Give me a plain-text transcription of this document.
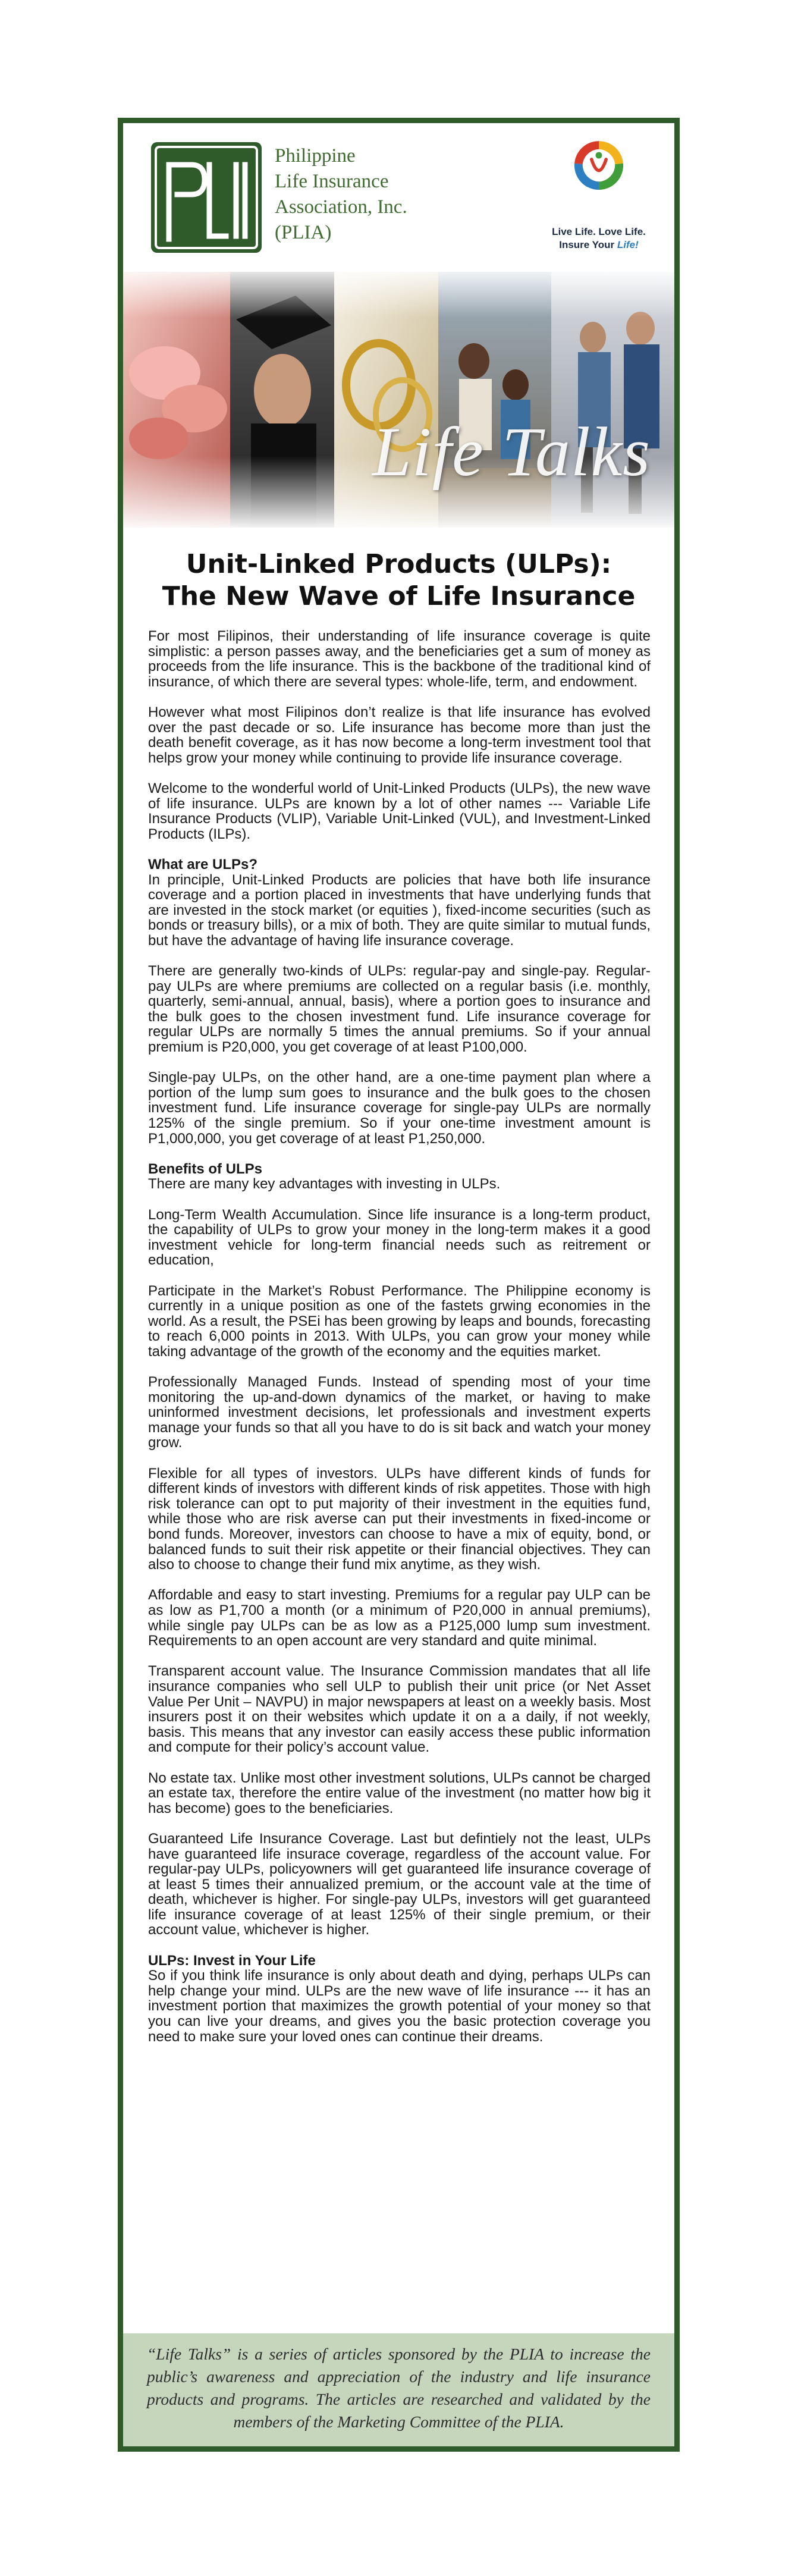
Philippine
Life Insurance
Association, Inc.
(PLIA)	Live Life. Love Life.
Insure Your Life!
Life Talks
Unit-Linked Products (ULPs):
The New Wave of Life Insurance

For most Filipinos, their understanding of life insurance coverage is quite simplistic: a person passes away, and the beneficiaries get a sum of money as proceeds from the life insurance. This is the backbone of the traditional kind of insurance, of which there are several types: whole-life, term, and endowment.

However what most Filipinos don’t realize is that life insurance has evolved over the past decade or so. Life insurance has become more than just the death benefit coverage, as it has now become a long-term investment tool that helps grow your money while continuing to provide life insurance coverage.

Welcome to the wonderful world of Unit-Linked Products (ULPs), the new wave of life insurance. ULPs are known by a lot of other names --- Variable Life Insurance Products (VLIP), Variable Unit-Linked (VUL), and Investment-Linked Products (ILPs).

What are ULPs?

In principle, Unit-Linked Products are policies that have both life insurance coverage and a portion placed in investments that have underlying funds that are invested in the stock market (or equities ), fixed-income securities (such as bonds or treasury bills), or a mix of both. They are quite similar to mutual funds, but have the advantage of having life insurance coverage.

There are generally two-kinds of ULPs: regular-pay and single-pay. Regular-pay ULPs are where premiums are collected on a regular basis (i.e. monthly, quarterly, semi-annual, annual, basis), where a portion goes to insurance and the bulk goes to the chosen investment fund. Life insurance coverage for regular ULPs are normally 5 times the annual premiums. So if your annual premium is P20,000, you get coverage of at least P100,000.

Single-pay ULPs, on the other hand, are a one-time payment plan where a portion of the lump sum goes to insurance and the bulk goes to the chosen investment fund. Life insurance coverage for single-pay ULPs are normally 125% of the single premium. So if your one-time investment amount is P1,000,000, you get coverage of at least P1,250,000.

Benefits of ULPs

There are many key advantages with investing in ULPs.

Long-Term Wealth Accumulation. Since life insurance is a long-term product, the capability of ULPs to grow your money in the long-term makes it a good investment vehicle for long-term financial needs such as reitrement or education,

Participate in the Market’s Robust Performance. The Philippine economy is currently in a unique position as one of the fastets grwing economies in the world. As a result, the PSEi has been growing by leaps and bounds, forecasting to reach 6,000 points in 2013. With ULPs, you can grow your money while taking advantage of the growth of the economy and the equities market.

Professionally Managed Funds. Instead of spending most of your time monitoring the up-and-down dynamics of the market, or having to make uninformed investment decisions, let professionals and investment experts manage your funds so that all you have to do is sit back and watch your money grow.

Flexible for all types of investors. ULPs have different kinds of funds for different kinds of investors with different kinds of risk appetites. Those with high risk tolerance can opt to put majority of their investment in the equities fund, while those who are risk averse can put their investments in fixed-income or bond funds. Moreover, investors can choose to have a mix of equity, bond, or balanced funds to suit their risk appetite or their financial objectives. They can also to choose to change their fund mix anytime, as they wish.

Affordable and easy to start investing. Premiums for a regular pay ULP can be as low as P1,700 a month (or a minimum of P20,000 in annual premiums), while single pay ULPs can be as low as a P125,000 lump sum investment. Requirements to an open account are very standard and quite minimal.

Transparent account value. The Insurance Commission mandates that all life insurance companies who sell ULP to publish their unit price (or Net Asset Value Per Unit – NAVPU) in major newspapers at least on a weekly basis. Most insurers post it on their websites which update it on a a daily, if not weekly, basis. This means that any investor can easily access these public information and compute for their policy’s account value.

No estate tax. Unlike most other investment solutions, ULPs cannot be charged an estate tax, therefore the entire value of the investment (no matter how big it has become) goes to the beneficiaries.

Guaranteed Life Insurance Coverage. Last but defintiely not the least, ULPs have guaranteed life insurace coverage, regardless of the account value. For regular-pay ULPs, policyowners will get guaranteed life insurance coverage of at least 5 times their annualized premium, or the account vale at the time of death, whichever is higher. For single-pay ULPs, investors will get guaranteed life insurance coverage of at least 125% of their single premium, or their account value, whichever is higher.

ULPs: Invest in Your Life

So if you think life insurance is only about death and dying, perhaps ULPs can help change your mind. ULPs are the new wave of life insurance --- it has an investment portion that maximizes the growth potential of your money so that you can live your dreams, and gives you the basic protection coverage you need to make sure your loved ones can continue their dreams.

“Life Talks” is a series of articles sponsored by the PLIA to increase the public’s awareness and appreciation of the industry and life insurance products and programs. The articles are researched and validated by the members of the Marketing Committee of the PLIA.
